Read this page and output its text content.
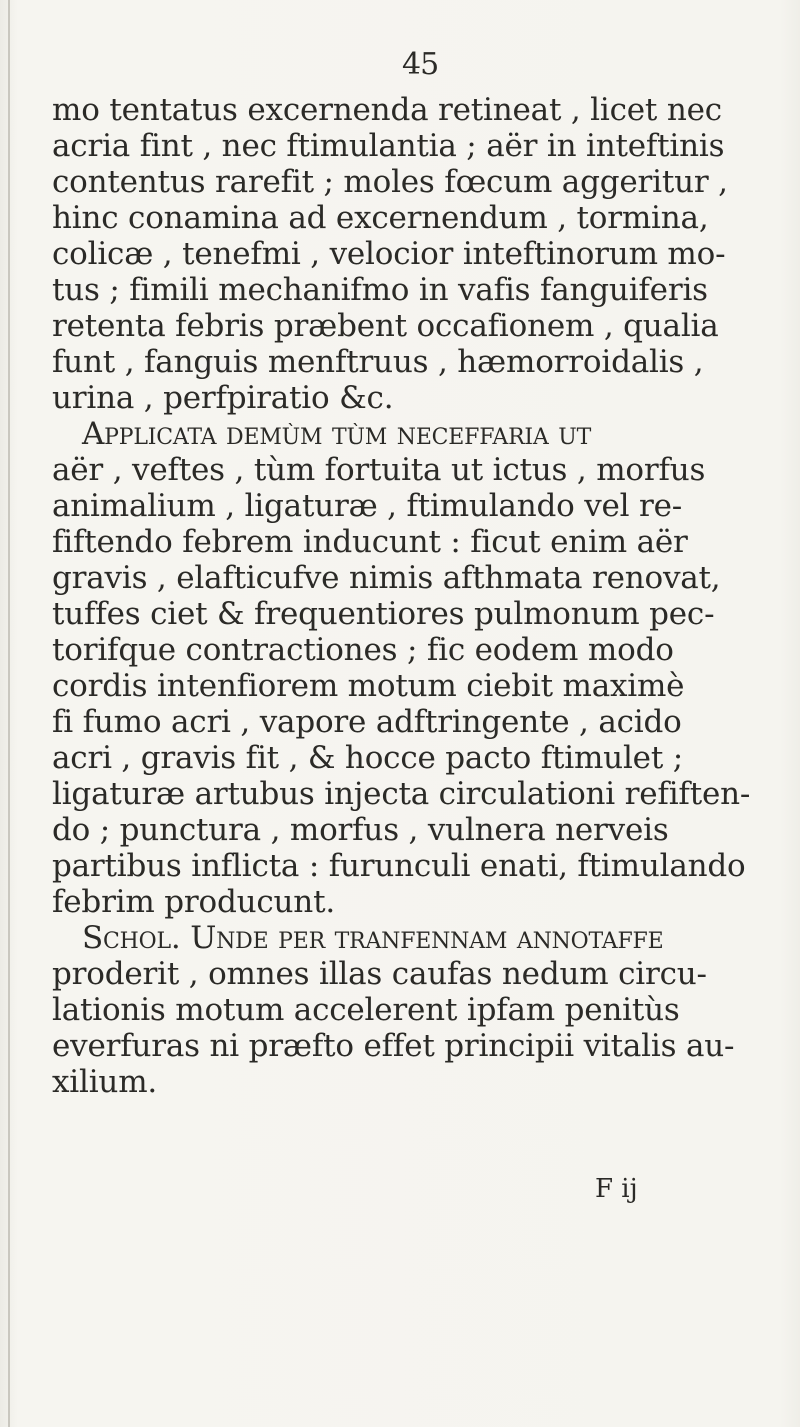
45
mo tentatus excernenda retineat , licet nec
acria fint , nec ftimulantia ; aër in inteftinis
contentus rarefit ; moles fœcum aggeritur ,
hinc conamina ad excernendum , tormina,
colicæ , tenefmi , velocior inteftinorum mo-
tus ; fimili mechanifmo in vafis fanguiferis
retenta febris præbent occafionem , qualia
funt , fanguis menftruus , hæmorroidalis ,
urina , perfpiratio &c.
Applicata demùm tùm neceffaria ut
aër , veftes , tùm fortuita ut ictus , morfus
animalium , ligaturæ , ftimulando vel re-
fiftendo febrem inducunt : ficut enim aër
gravis , elafticufve nimis afthmata renovat,
tuffes ciet & frequentiores pulmonum pec-
torifque contractiones ; fic eodem modo
cordis intenfiorem motum ciebit maximè
fi fumo acri , vapore adftringente , acido
acri , gravis fit , & hocce pacto ftimulet ;
ligaturæ artubus injecta circulationi refiften-
do ; punctura , morfus , vulnera nerveis
partibus inflicta : furunculi enati, ftimulando
febrim producunt.
Schol. Unde per tranfennam annotaffe
proderit , omnes illas caufas nedum circu-
lationis motum accelerent ipfam penitùs
everfuras ni præfto effet principii vitalis au-
xilium.
F ij
